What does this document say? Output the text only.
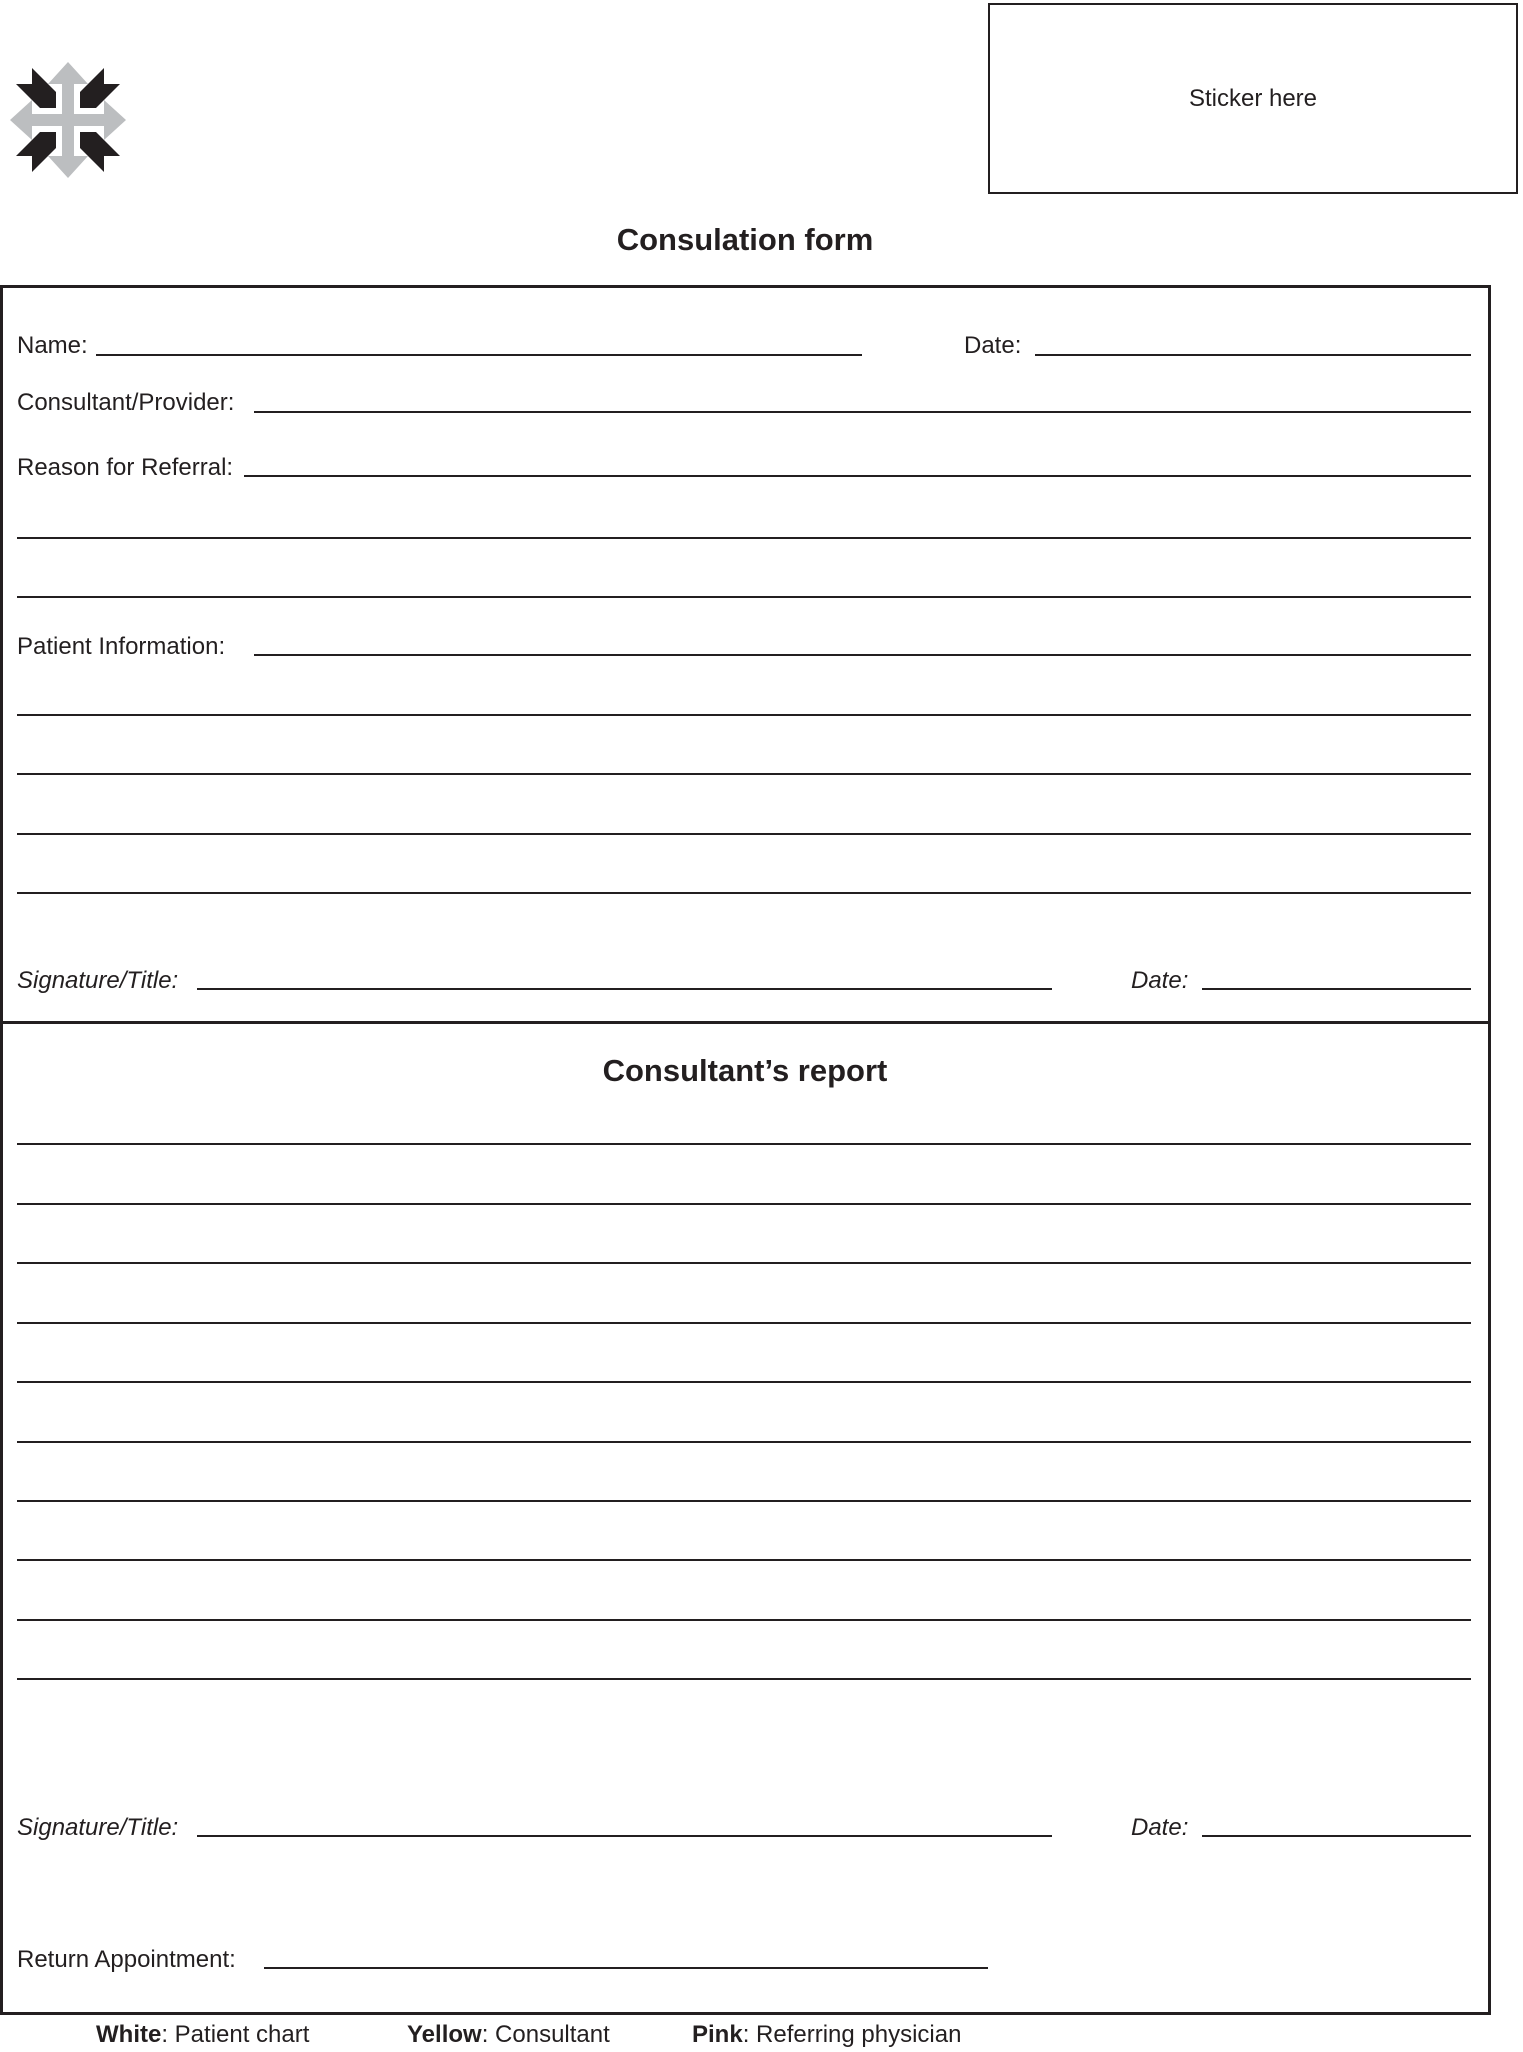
Sticker here
Consulation form
Name:	Date:
Consultant/Provider:
Reason for Referral:
Patient Information:
Signature/Title:	Date:
Consultant’s report
Signature/Title:	Date:
Return Appointment:
White: Patient chart	Yellow: Consultant	Pink: Referring physician
